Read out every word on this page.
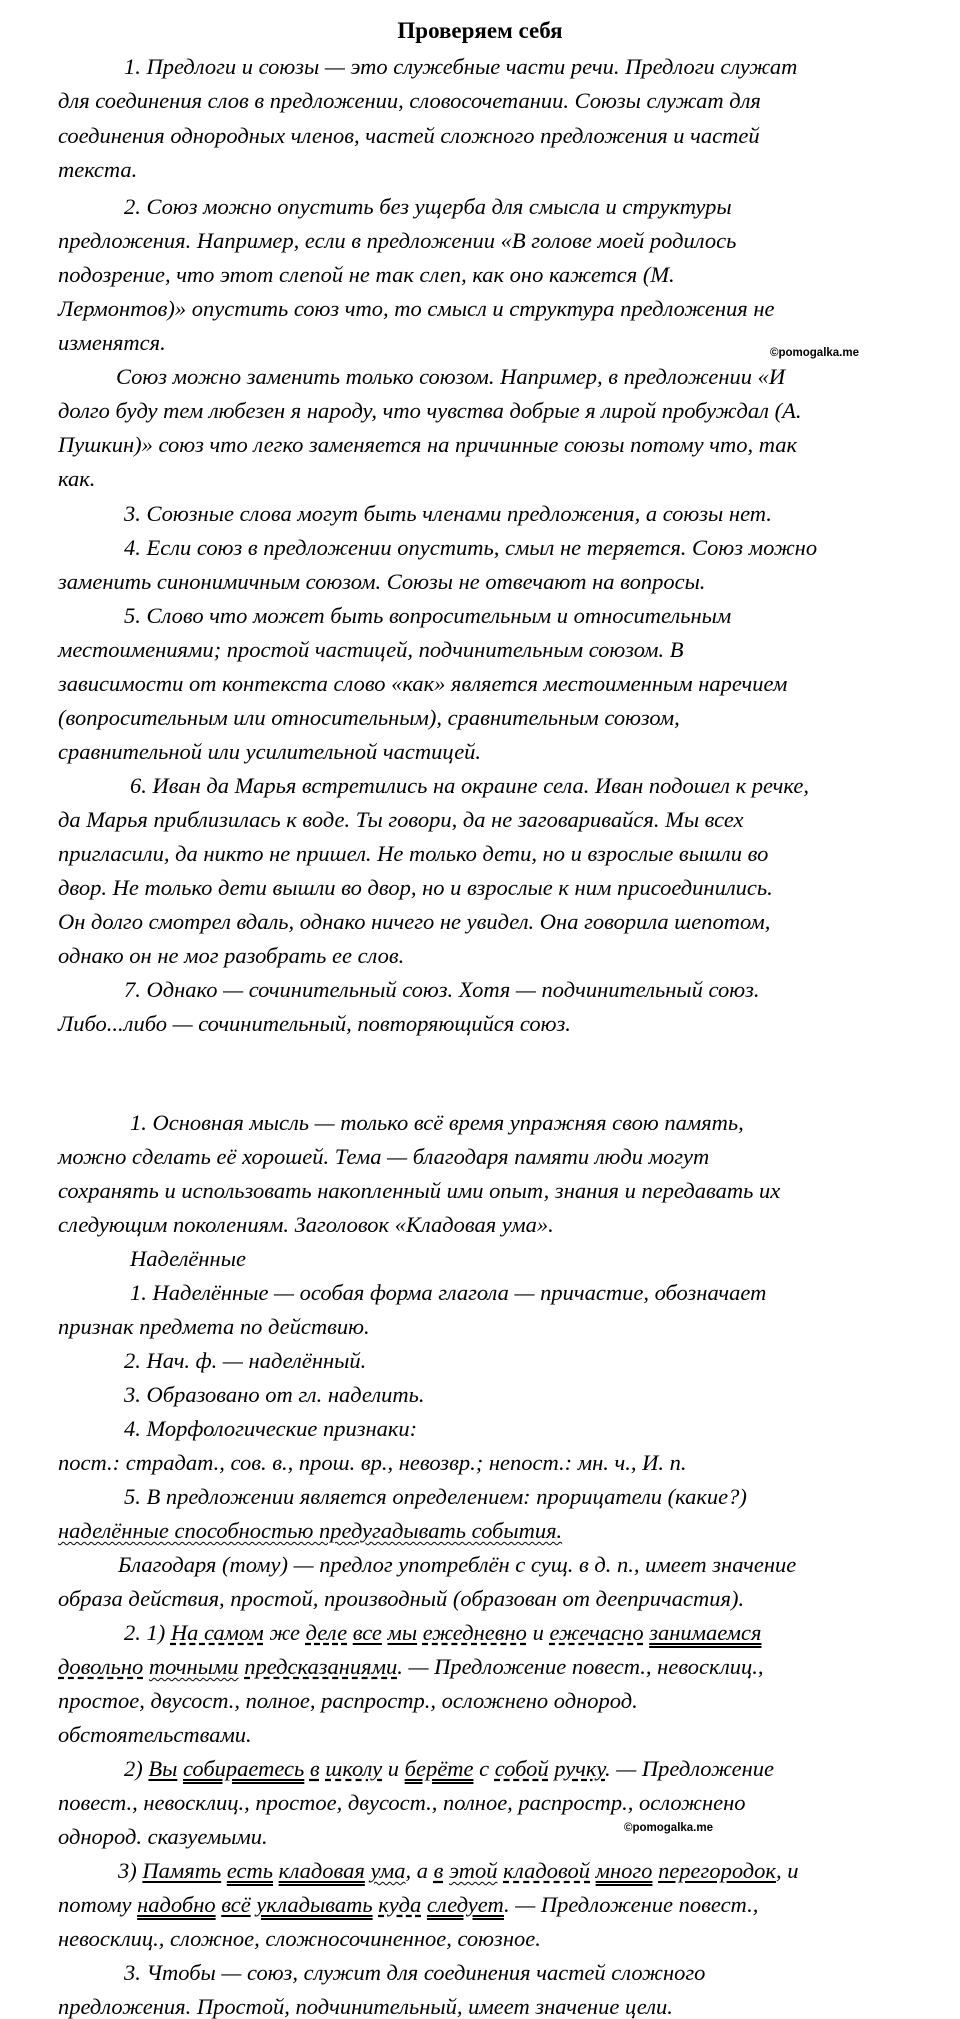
Проверяем себя
1. Предлоги и союзы — это служебные части речи. Предлоги служат
для соединения слов в предложении, словосочетании. Союзы служат для
соединения однородных членов, частей сложного предложения и частей
текста.
2. Союз можно опустить без ущерба для смысла и структуры
предложения. Например, если в предложении «В голове моей родилось
подозрение, что этот слепой не так слеп, как оно кажется (М.
Лермонтов)» опустить союз что, то смысл и структура предложения не
изменятся.	©pomogalka.me
Союз можно заменить только союзом. Например, в предложении «И
долго буду тем любезен я народу, что чувства добрые я лирой пробуждал (А.
Пушкин)» союз что легко заменяется на причинные союзы потому что, так
как.
3. Союзные слова могут быть членами предложения, а союзы нет.
4. Если союз в предложении опустить, смыл не теряется. Союз можно
заменить синонимичным союзом. Союзы не отвечают на вопросы.
5. Слово что может быть вопросительным и относительным
местоимениями; простой частицей, подчинительным союзом. В
зависимости от контекста слово «как» является местоименным наречием
(вопросительным или относительным), сравнительным союзом,
сравнительной или усилительной частицей.
6. Иван да Марья встретились на окраине села. Иван подошел к речке,
да Марья приблизилась к воде. Ты говори, да не заговаривайся. Мы всех
пригласили, да никто не пришел. Не только дети, но и взрослые вышли во
двор. Не только дети вышли во двор, но и взрослые к ним присоединились.
Он долго смотрел вдаль, однако ничего не увидел. Она говорила шепотом,
однако он не мог разобрать ее слов.
7. Однако — сочинительный союз. Хотя — подчинительный союз.
Либо...либо — сочинительный, повторяющийся союз.
1. Основная мысль — только всё время упражняя свою память,
можно сделать её хорошей. Тема — благодаря памяти люди могут
сохранять и использовать накопленный ими опыт, знания и передавать их
следующим поколениям. Заголовок «Кладовая ума».
Наделённые
1. Наделённые — особая форма глагола — причастие, обозначает
признак предмета по действию.
2. Нач. ф. — наделённый.
3. Образовано от гл. наделить.
4. Морфологические признаки:
пост.: страдат., сов. в., прош. вр., невозвр.; непост.: мн. ч., И. п.
5. В предложении является определением: прорицатели (какие?)
наделённые способностью предугадывать события.
Благодаря (тому) — предлог употреблён с сущ. в д. п., имеет значение
образа действия, простой, производный (образован от деепричастия).
2. 1) На самом же деле все мы ежедневно и ежечасно занимаемся
довольно точными предсказаниями. — Предложение повест., невосклиц.,
простое, двусост., полное, распростр., осложнено однород.
обстоятельствами.
2) Вы собираетесь в школу и берёте с собой ручку. — Предложение
повест., невосклиц., простое, двусост., полное, распростр., осложнено
однород. сказуемыми.	©pomogalka.me
3) Память есть кладовая ума, а в этой кладовой много перегородок, и
потому надобно всё укладывать куда следует. — Предложение повест.,
невосклиц., сложное, сложносочиненное, союзное.
3. Чтобы — союз, служит для соединения частей сложного
предложения. Простой, подчинительный, имеет значение цели.
